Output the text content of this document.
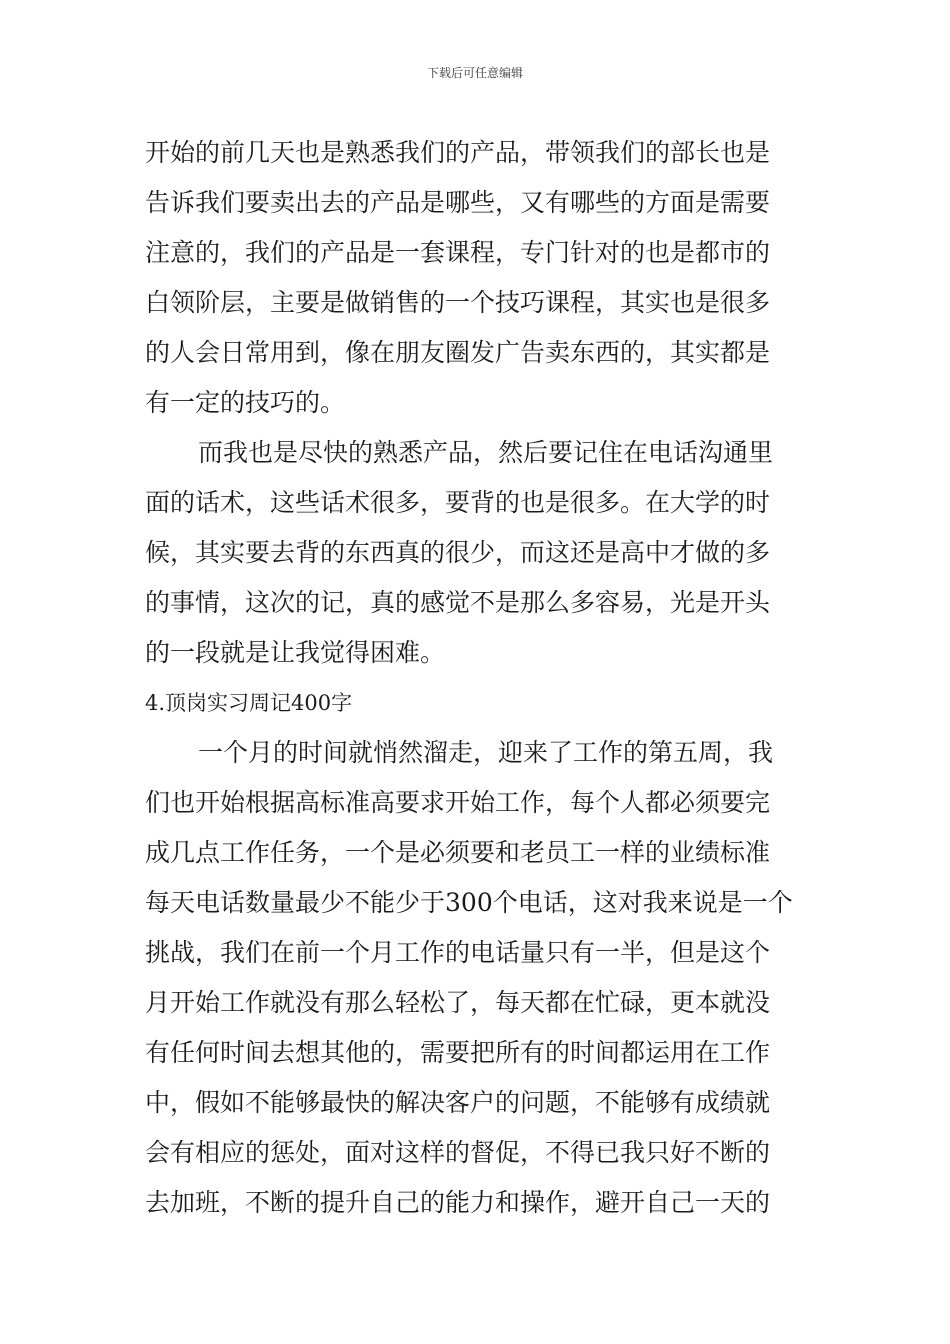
下载后可任意编辑
开始的前几天也是熟悉我们的产品，带领我们的部长也是
告诉我们要卖出去的产品是哪些，又有哪些的方面是需要
注意的，我们的产品是一套课程，专门针对的也是都市的
白领阶层，主要是做销售的一个技巧课程，其实也是很多
的人会日常用到，像在朋友圈发广告卖东西的，其实都是
有一定的技巧的。
而我也是尽快的熟悉产品，然后要记住在电话沟通里
面的话术，这些话术很多，要背的也是很多。在大学的时
候，其实要去背的东西真的很少，而这还是高中才做的多
的事情，这次的记，真的感觉不是那么多容易，光是开头
的一段就是让我觉得困难。
4.顶岗实习周记400字
一个月的时间就悄然溜走，迎来了工作的第五周，我
们也开始根据高标准高要求开始工作，每个人都必须要完
成几点工作任务，一个是必须要和老员工一样的业绩标准
每天电话数量最少不能少于300个电话，这对我来说是一个
挑战，我们在前一个月工作的电话量只有一半，但是这个
月开始工作就没有那么轻松了，每天都在忙碌，更本就没
有任何时间去想其他的，需要把所有的时间都运用在工作
中，假如不能够最快的解决客户的问题，不能够有成绩就
会有相应的惩处，面对这样的督促，不得已我只好不断的
去加班，不断的提升自己的能力和操作，避开自己一天的
